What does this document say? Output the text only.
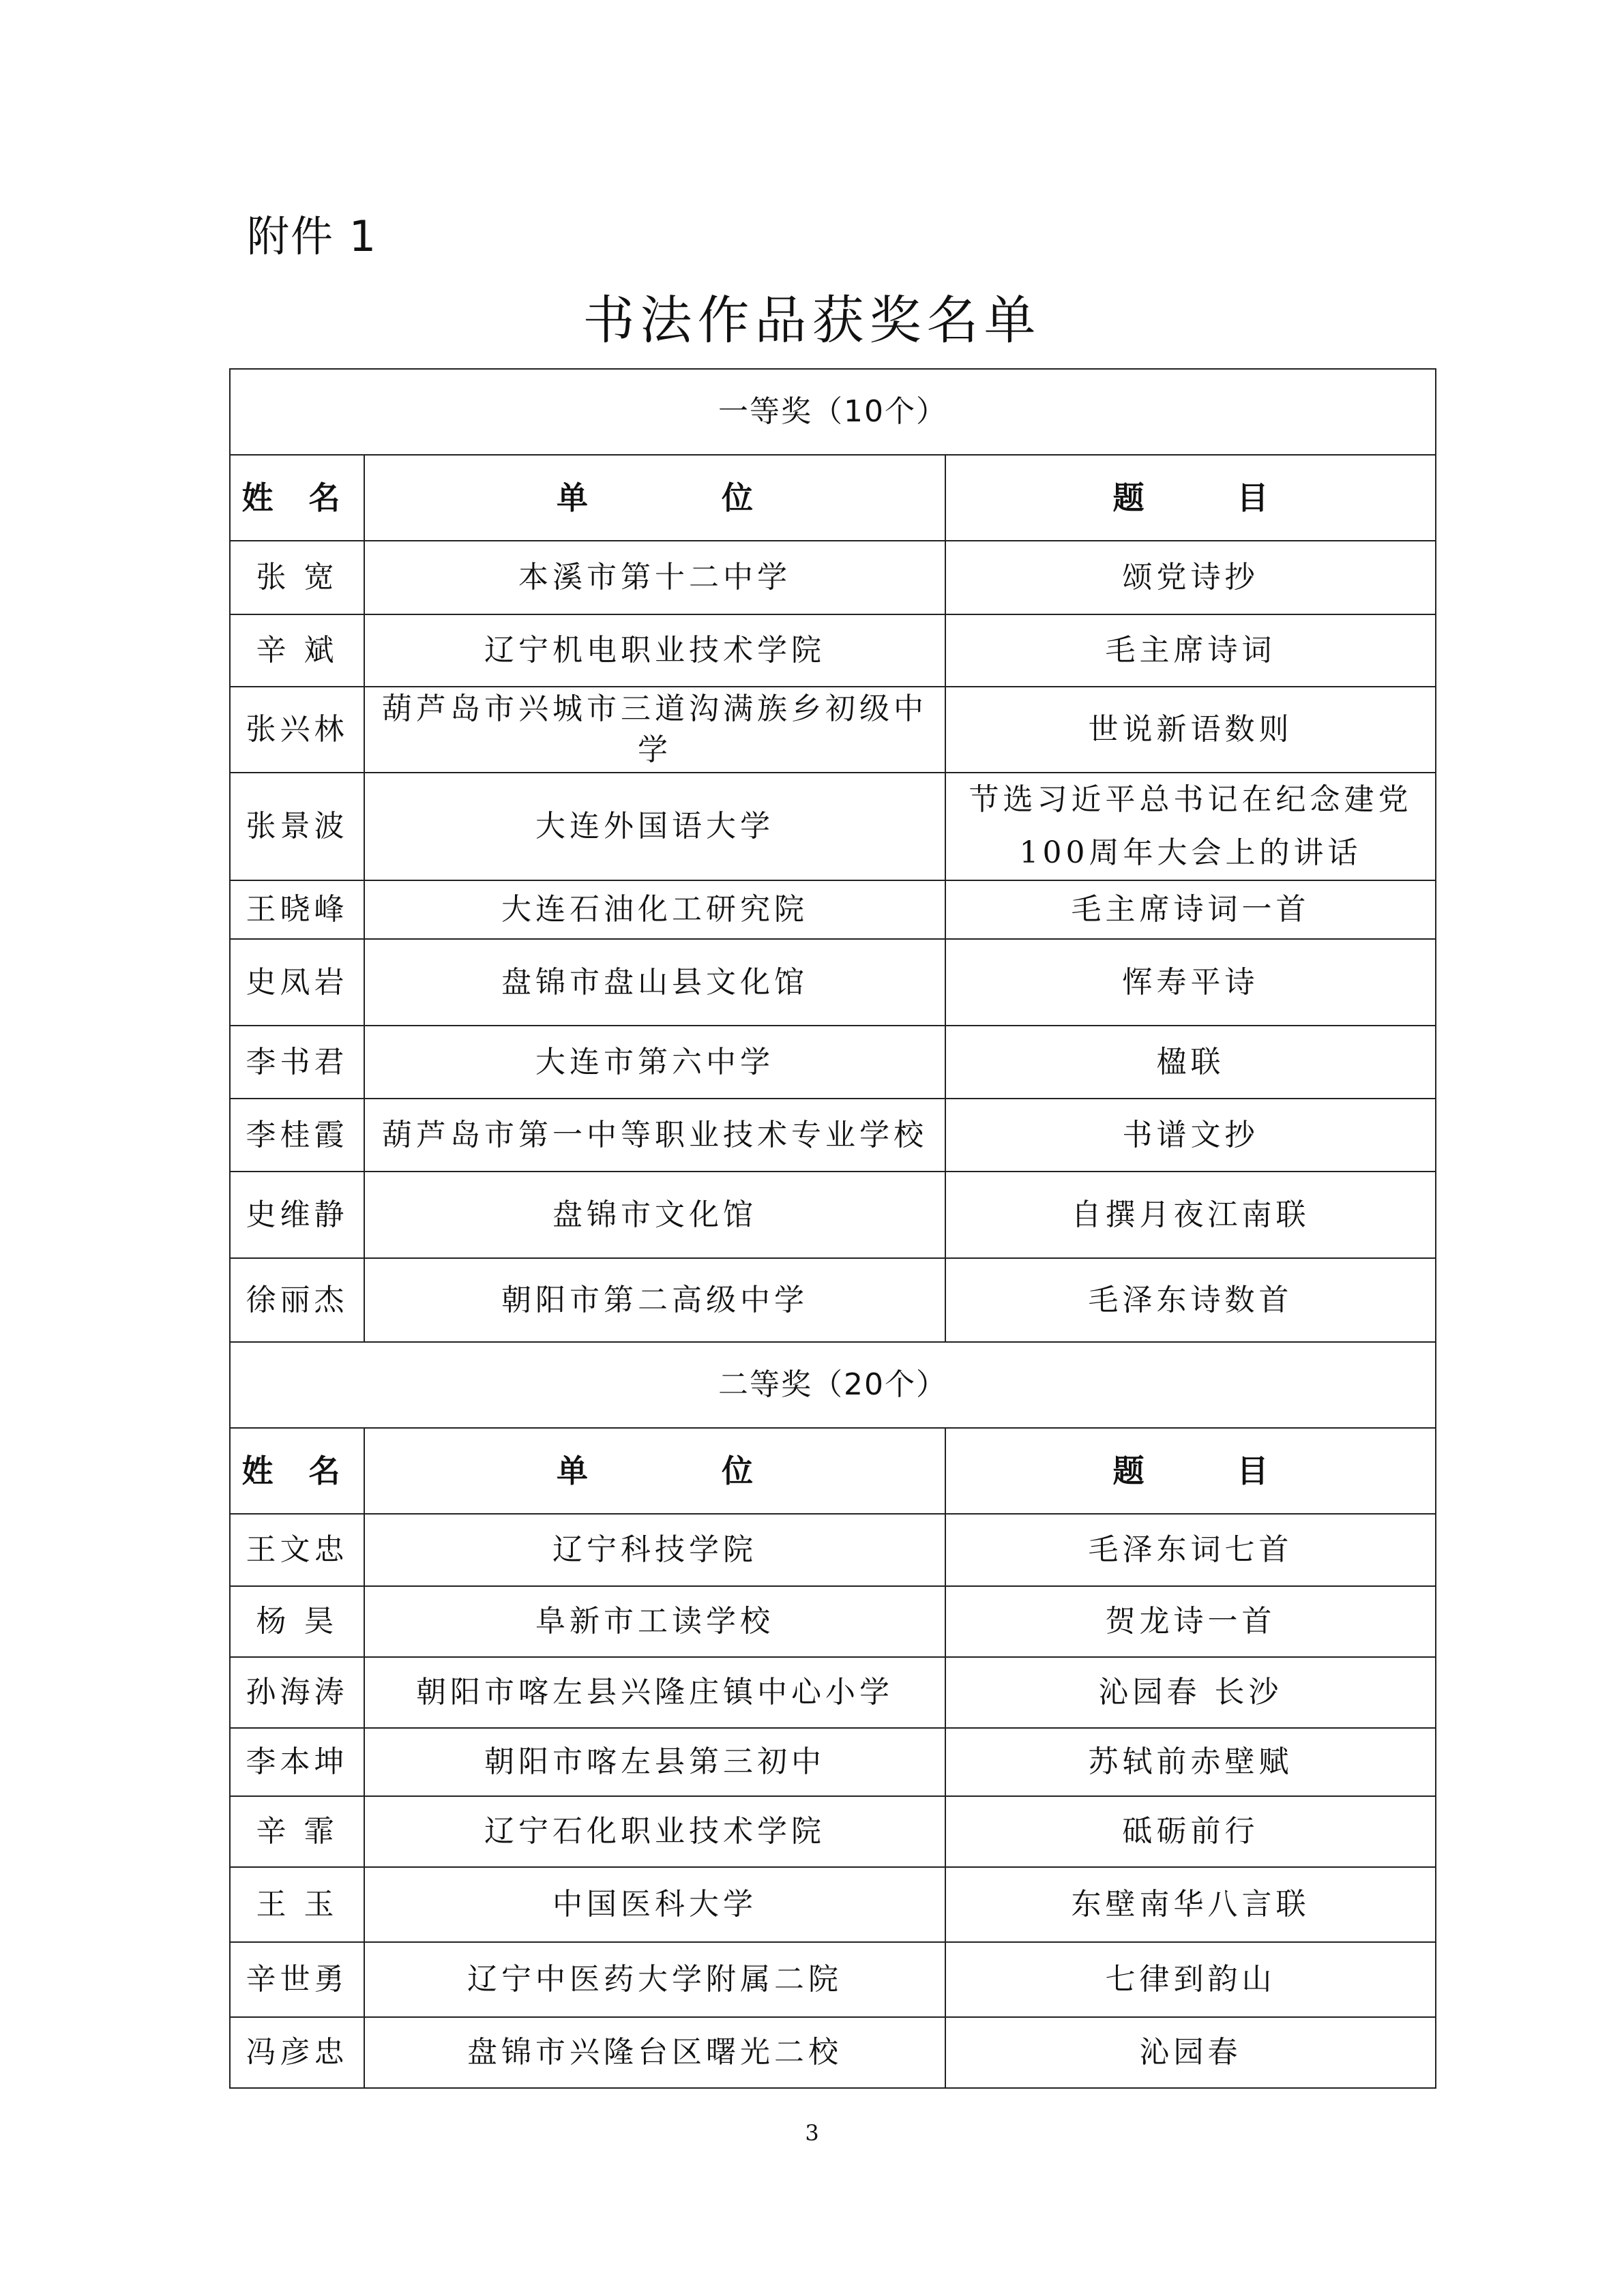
附件 1
书法作品获奖名单
一等奖（10个）		
姓 名	单 位	题 目
张 宽	本溪市第十二中学	颂党诗抄
辛 斌	辽宁机电职业技术学院	毛主席诗词
张兴林	葫芦岛市兴城市三道沟满族乡初级中学	世说新语数则
张景波	大连外国语大学	节选习近平总书记在纪念建党100周年大会上的讲话
王晓峰	大连石油化工研究院	毛主席诗词一首
史凤岩	盘锦市盘山县文化馆	恽寿平诗
李书君	大连市第六中学	楹联
李桂霞	葫芦岛市第一中等职业技术专业学校	书谱文抄
史维静	盘锦市文化馆	自撰月夜江南联
徐丽杰	朝阳市第二高级中学	毛泽东诗数首
二等奖（20个）		
姓 名	单 位	题 目
王文忠	辽宁科技学院	毛泽东词七首
杨 昊	阜新市工读学校	贺龙诗一首
孙海涛	朝阳市喀左县兴隆庄镇中心小学	沁园春 长沙
李本坤	朝阳市喀左县第三初中	苏轼前赤壁赋
辛 霏	辽宁石化职业技术学院	砥砺前行
王 玉	中国医科大学	东壁南华八言联
辛世勇	辽宁中医药大学附属二院	七律到韵山
冯彦忠	盘锦市兴隆台区曙光二校	沁园春
3
